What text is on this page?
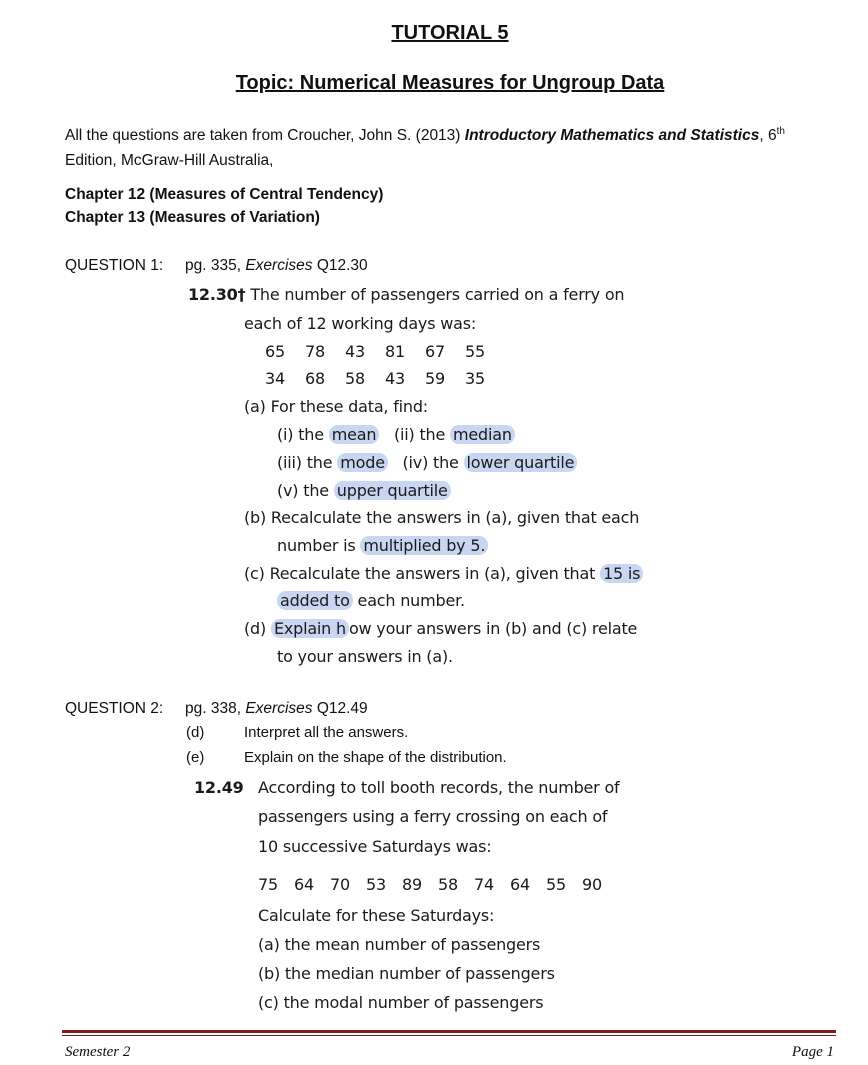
TUTORIAL 5
Topic: Numerical Measures for Ungroup Data
All the questions are taken from Croucher, John S. (2013) Introductory Mathematics and Statistics, 6th
Edition, McGraw-Hill Australia,
Chapter 12 (Measures of Central Tendency)
Chapter 13 (Measures of Variation)
QUESTION 1: pg. 335, Exercises Q12.30
12.30† The number of passengers carried on a ferry on
each of 12 working days was:
65 78 43 81 67 55
34 68 58 43 59 35
(a) For these data, find:
(i) the mean (ii) the median
(iii) the mode (iv) the lower quartile
(v) the upper quartile
(b) Recalculate the answers in (a), given that each
number is multiplied by 5.
(c) Recalculate the answers in (a), given that 15 is
added to each number.
(d) Explain h ow your answers in (b) and (c) relate
to your answers in (a).
QUESTION 2: pg. 338, Exercises Q12.49
(d)	Interpret all the answers.
(e)	Explain on the shape of the distribution.
12.49 According to toll booth records, the number of
passengers using a ferry crossing on each of
10 successive Saturdays was:
75 64 70 53 89 58 74 64 55 90
Calculate for these Saturdays:
(a) the mean number of passengers
(b) the median number of passengers
(c) the modal number of passengers
Semester 2	Page 1
